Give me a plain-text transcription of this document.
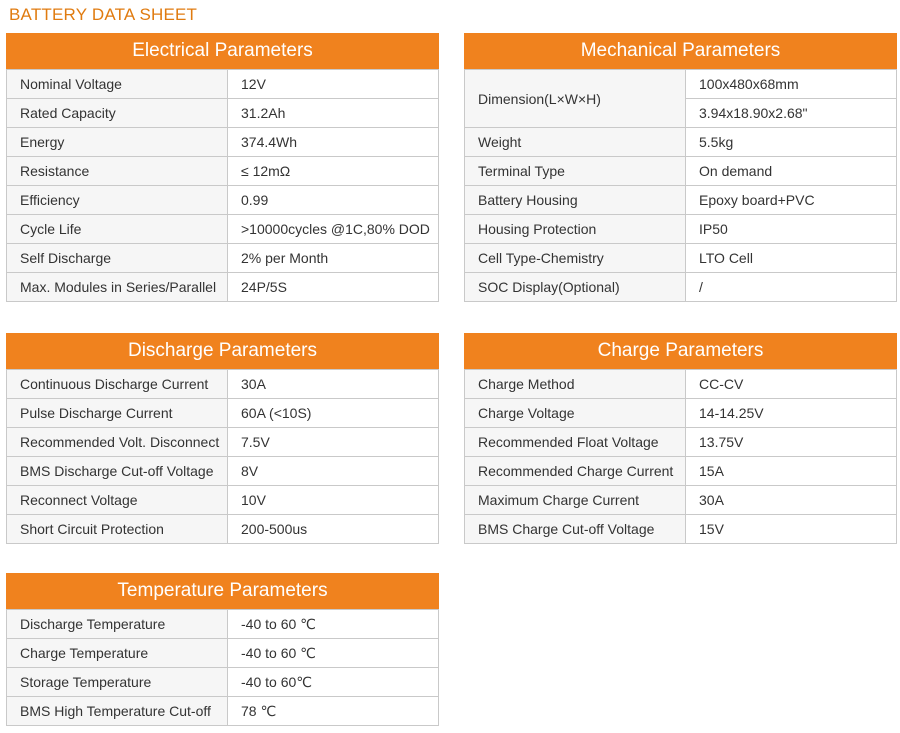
BATTERY DATA SHEET
Electrical Parameters
Nominal Voltage	12V
Rated Capacity	31.2Ah
Energy	374.4Wh
Resistance	≤ 12mΩ
Efficiency	0.99
Cycle Life	>10000cycles @1C,80% DOD
Self Discharge	2% per Month
Max. Modules in Series/Parallel	24P/5S
Mechanical Parameters
Dimension(L×W×H)	100x480x68mm
	3.94x18.90x2.68"
Weight	5.5kg
Terminal Type	On demand
Battery Housing	Epoxy board+PVC
Housing Protection	IP50
Cell Type-Chemistry	LTO Cell
SOC Display(Optional)	/
Discharge Parameters
Continuous Discharge Current	30A
Pulse Discharge Current	60A (<10S)
Recommended Volt. Disconnect	7.5V
BMS Discharge Cut-off Voltage	8V
Reconnect Voltage	10V
Short Circuit Protection	200-500us
Charge Parameters
Charge Method	CC-CV
Charge Voltage	14-14.25V
Recommended Float Voltage	13.75V
Recommended Charge Current	15A
Maximum Charge Current	30A
BMS Charge Cut-off Voltage	15V
Temperature Parameters
Discharge Temperature	-40 to 60 ℃
Charge Temperature	-40 to 60 ℃
Storage Temperature	-40 to 60℃
BMS High Temperature Cut-off	78 ℃
